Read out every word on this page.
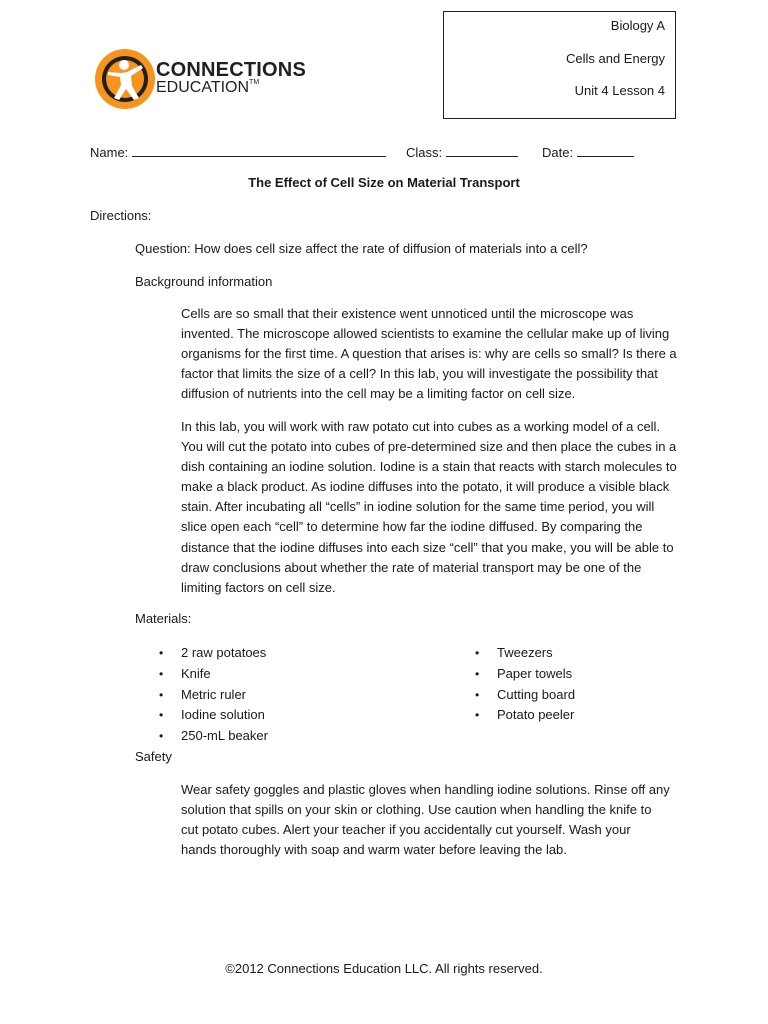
CONNECTIONS
EDUCATION™
Biology A
Cells and Energy
Unit 4 Lesson 4
Name:	Class:	Date:
The Effect of Cell Size on Material Transport
Directions:
Question: How does cell size affect the rate of diffusion of materials into a cell?
Background information
Cells are so small that their existence went unnoticed until the microscope was
invented. The microscope allowed scientists to examine the cellular make up of living
organisms for the first time. A question that arises is: why are cells so small? Is there a
factor that limits the size of a cell? In this lab, you will investigate the possibility that
diffusion of nutrients into the cell may be a limiting factor on cell size.
In this lab, you will work with raw potato cut into cubes as a working model of a cell.
You will cut the potato into cubes of pre-determined size and then place the cubes in a
dish containing an iodine solution. Iodine is a stain that reacts with starch molecules to
make a black product. As iodine diffuses into the potato, it will produce a visible black
stain. After incubating all “cells” in iodine solution for the same time period, you will
slice open each “cell” to determine how far the iodine diffused. By comparing the
distance that the iodine diffuses into each size “cell” that you make, you will be able to
draw conclusions about whether the rate of material transport may be one of the
limiting factors on cell size.
Materials:
• 2 raw potatoes
• Knife
• Metric ruler
• Iodine solution
• 250-mL beaker
• Tweezers
• Paper towels
• Cutting board
• Potato peeler
Safety
Wear safety goggles and plastic gloves when handling iodine solutions. Rinse off any
solution that spills on your skin or clothing. Use caution when handling the knife to
cut potato cubes. Alert your teacher if you accidentally cut yourself. Wash your
hands thoroughly with soap and warm water before leaving the lab.
©2012 Connections Education LLC. All rights reserved.
